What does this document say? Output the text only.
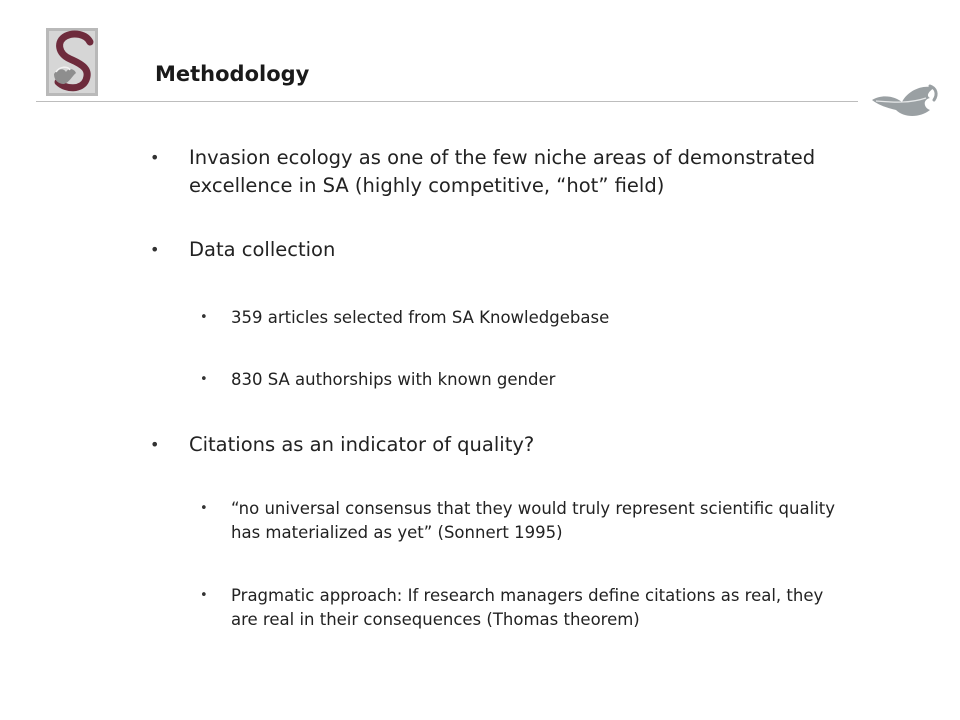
Methodology
• Invasion ecology as one of the few niche areas of demonstrated excellence in SA (highly competitive, “hot” field)
• Data collection
• 359 articles selected from SA Knowledgebase
• 830 SA authorships with known gender
• Citations as an indicator of quality?
• “no universal consensus that they would truly represent scientific quality has materialized as yet” (Sonnert 1995)
• Pragmatic approach: If research managers define citations as real, they are real in their consequences (Thomas theorem)
